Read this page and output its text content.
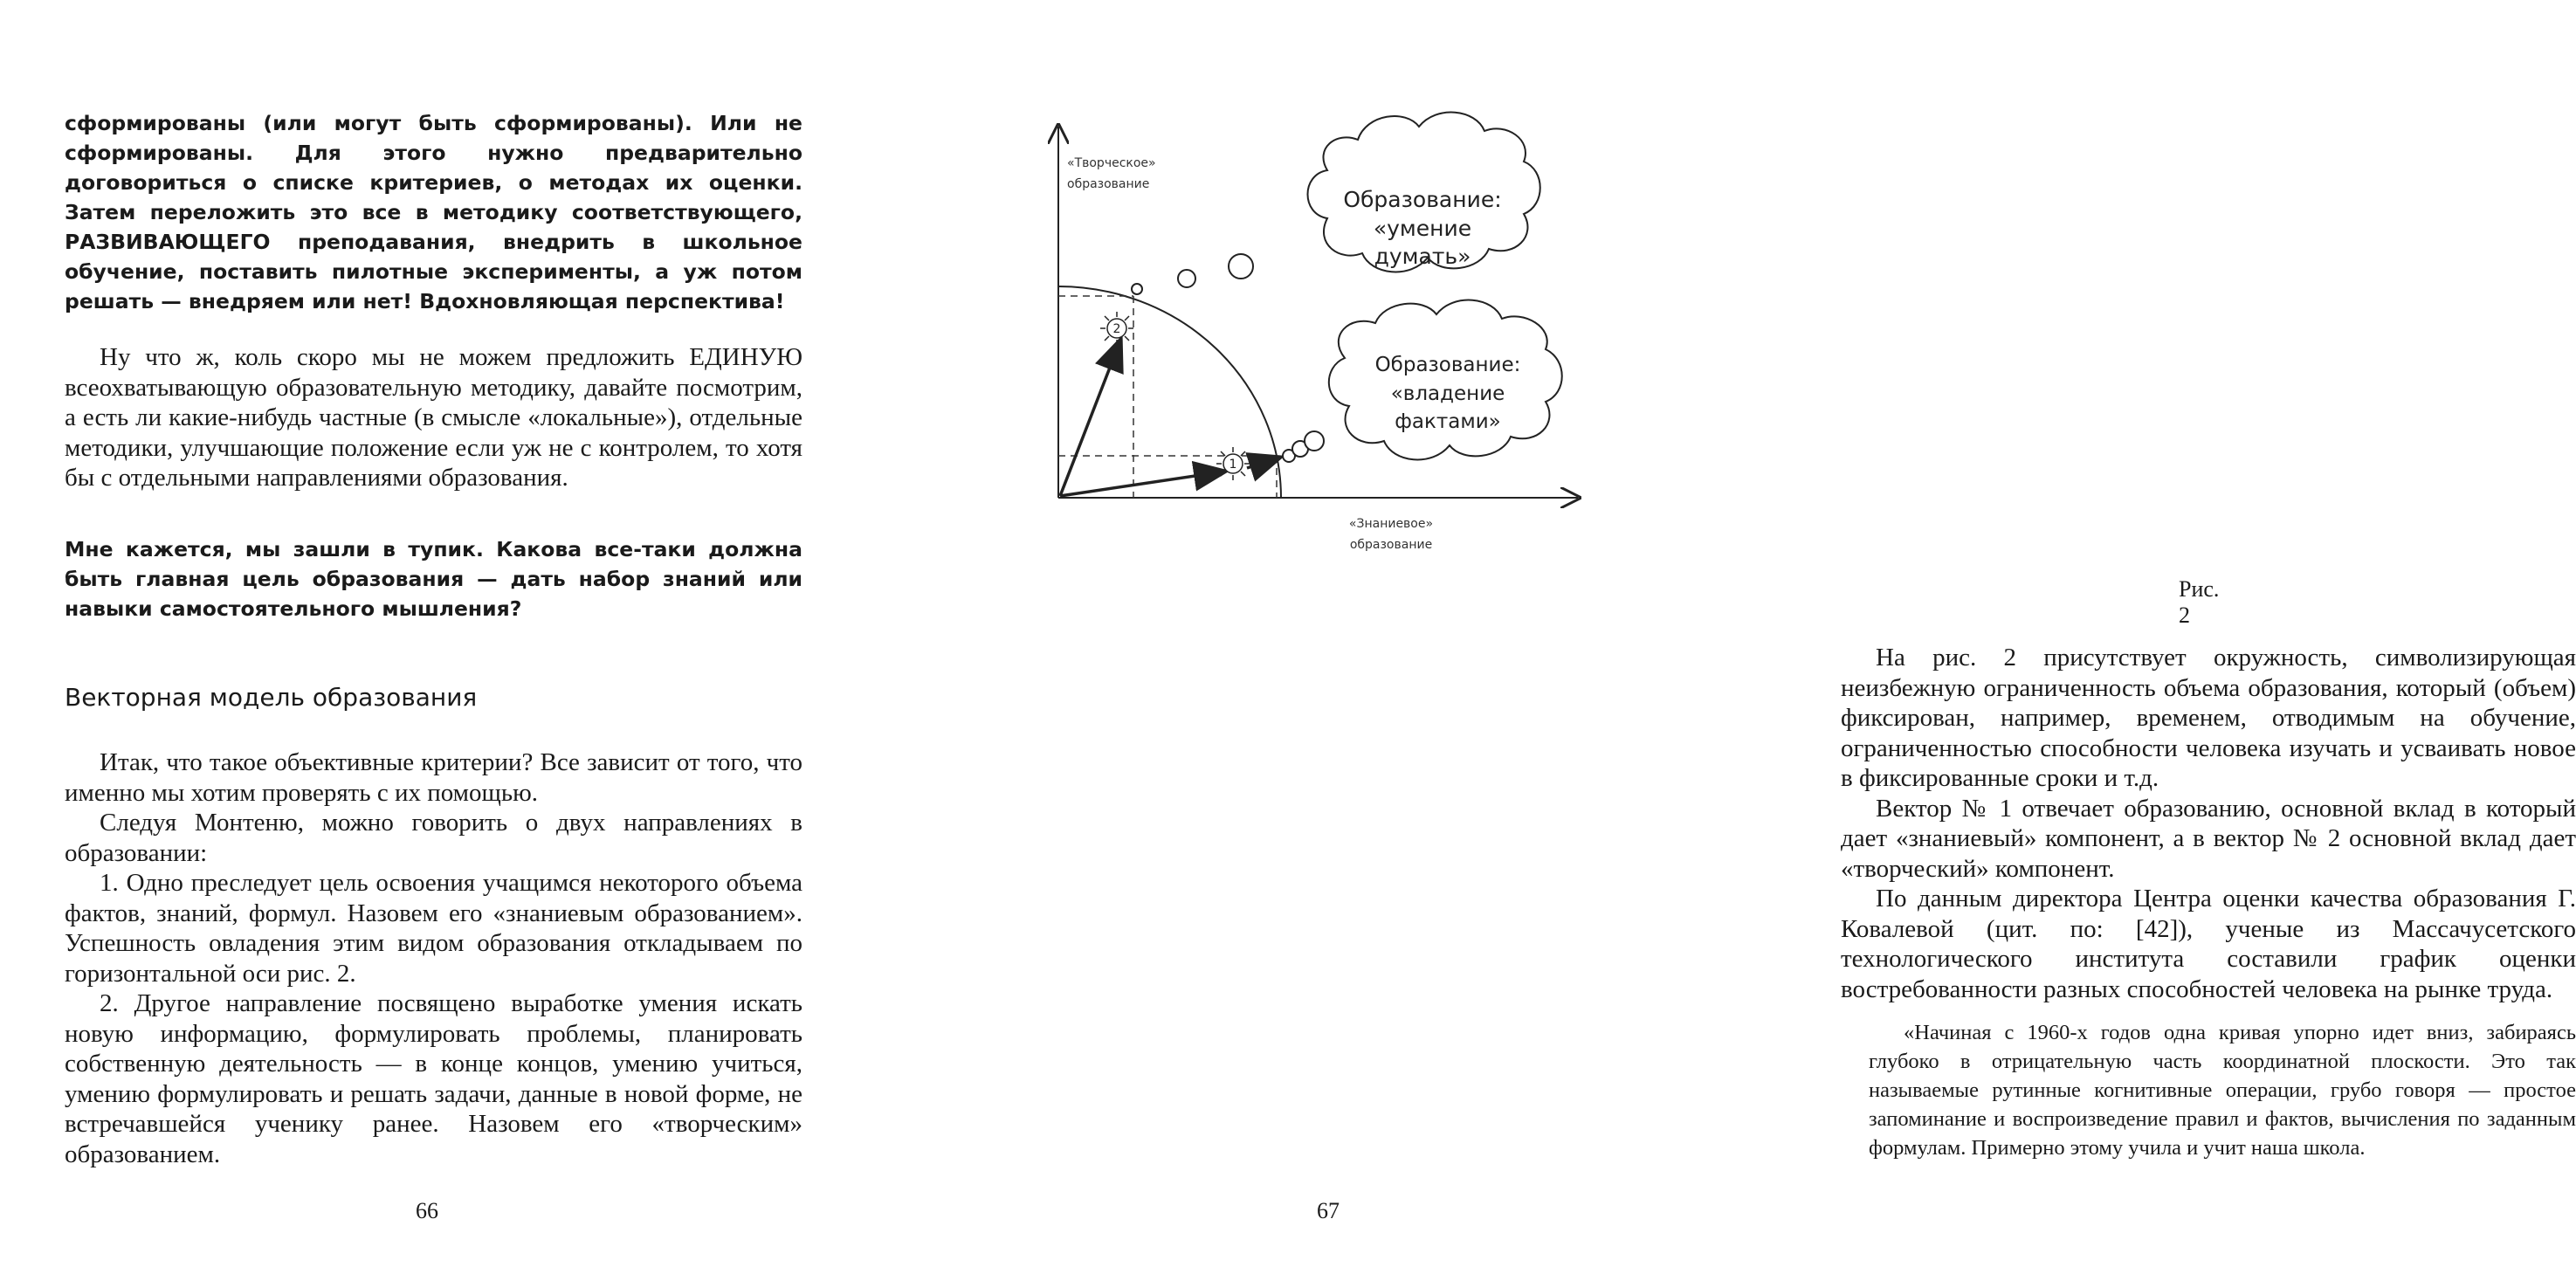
сформированы (или могут быть сформированы). Или не сформированы. Для этого нужно предварительно договориться о списке критериев, о методах их оценки. Затем переложить это все в методику соответствующего, РАЗВИВАЮЩЕГО преподавания, внедрить в школьное обучение, поставить пилотные эксперименты, а уж потом решать — внедряем или нет! Вдохновляющая перспектива!

Ну что ж, коль скоро мы не можем предложить ЕДИНУЮ всеохватывающую образовательную методику, давайте посмотрим, а есть ли какие-нибудь частные (в смысле «локальные»), отдельные методики, улучшающие положение если уж не с контролем, то хотя бы с отдельными направлениями образования.

Мне кажется, мы зашли в тупик. Какова все-таки должна быть главная цель образования — дать набор знаний или навыки самостоятельного мышления?

Векторная модель образования

Итак, что такое объективные критерии? Все зависит от того, что именно мы хотим проверять с их помощью.

Следуя Монтеню, можно говорить о двух направлениях в образовании:

1. Одно преследует цель освоения учащимся некоторого объема фактов, знаний, формул. Назовем его «знаниевым образованием». Успешность овладения этим видом образования откладываем по горизонтальной оси рис. 2.

2. Другое направление посвящено выработке умения искать новую информацию, формулировать проблемы, планировать собственную деятельность — в конце концов, умению учиться, умению формулировать и решать задачи, данные в новой форме, не встречавшейся ученику ранее. Назовем его «творческим» образованием.

66
2
1
Образование:
«умение
думать»
Образование:
«владение
фактами»
«Творческое»
образование
«Знаниевое»
образование
Рис. 2

На рис. 2 присутствует окружность, символизирующая неизбежную ограниченность объема образования, который (объем) фиксирован, например, временем, отводимым на обучение, ограниченностью способности человека изучать и усваивать новое в фиксированные сроки и т.д.

Вектор № 1 отвечает образованию, основной вклад в который дает «знаниевый» компонент, а в вектор № 2 основной вклад дает «творческий» компонент.

По данным директора Центра оценки качества образования Г. Ковалевой (цит. по: [42]), ученые из Массачусетского технологического института составили график оценки востребованности разных способностей человека на рынке труда.

«Начиная с 1960-х годов одна кривая упорно идет вниз, забираясь глубоко в отрицательную часть координатной плоскости. Это так называемые рутинные когнитивные операции, грубо говоря — простое запоминание и воспроизведение правил и фактов, вычисления по заданным формулам. Примерно этому учила и учит наша школа.

67
